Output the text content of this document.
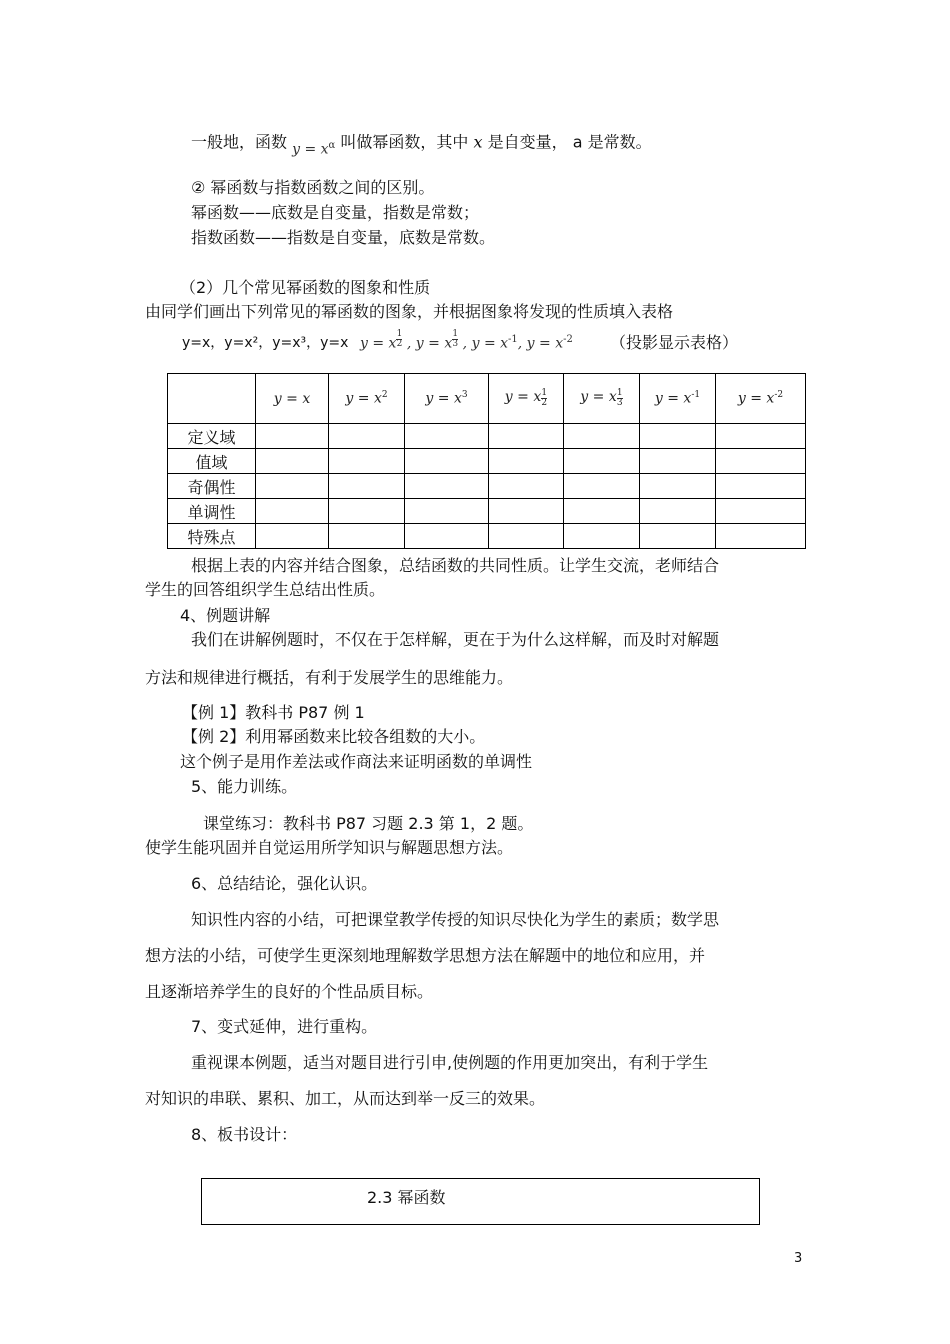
一般地，函数 $y = x^\alpha$ 叫做幂函数，其中 x 是自变量， a 是常数。
② 幂函数与指数函数之间的区别。
幂函数——底数是自变量，指数是常数；
指数函数——指数是自变量，底数是常数。
（2）几个常见幂函数的图象和性质
由同学们画出下列常见的幂函数的图象，并根据图象将发现的性质填入表格
y=x，y=x²，y=x³，y=x y = x $\frac{1}{2}$ , y = x $\frac{1}{3}$ , $y = x^{-1}$, $y = x^{-2}$ （投影显示表格）
	y = x	$y = x^2$	$y = x^3$	y = x $\frac{1}{2}$	y = x $\frac{1}{3}$	$y = x^{-1}$	$y = x^{-2}$
定义域							
值域							
奇偶性							
单调性							
特殊点							
根据上表的内容并结合图象，总结函数的共同性质。让学生交流，老师结合
学生的回答组织学生总结出性质。
4、例题讲解
我们在讲解例题时，不仅在于怎样解，更在于为什么这样解，而及时对解题
方法和规律进行概括，有利于发展学生的思维能力。
【例 1】教科书 P87 例 1
【例 2】利用幂函数来比较各组数的大小。
这个例子是用作差法或作商法来证明函数的单调性
5、能力训练。
课堂练习：教科书 P87 习题 2.3 第 1，2 题。
使学生能巩固并自觉运用所学知识与解题思想方法。
6、总结结论，强化认识。
知识性内容的小结，可把课堂教学传授的知识尽快化为学生的素质；数学思
想方法的小结，可使学生更深刻地理解数学思想方法在解题中的地位和应用，并
且逐渐培养学生的良好的个性品质目标。
7、变式延伸，进行重构。
重视课本例题，适当对题目进行引申,使例题的作用更加突出，有利于学生
对知识的串联、累积、加工，从而达到举一反三的效果。
8、板书设计：
2.3 幂函数
3
